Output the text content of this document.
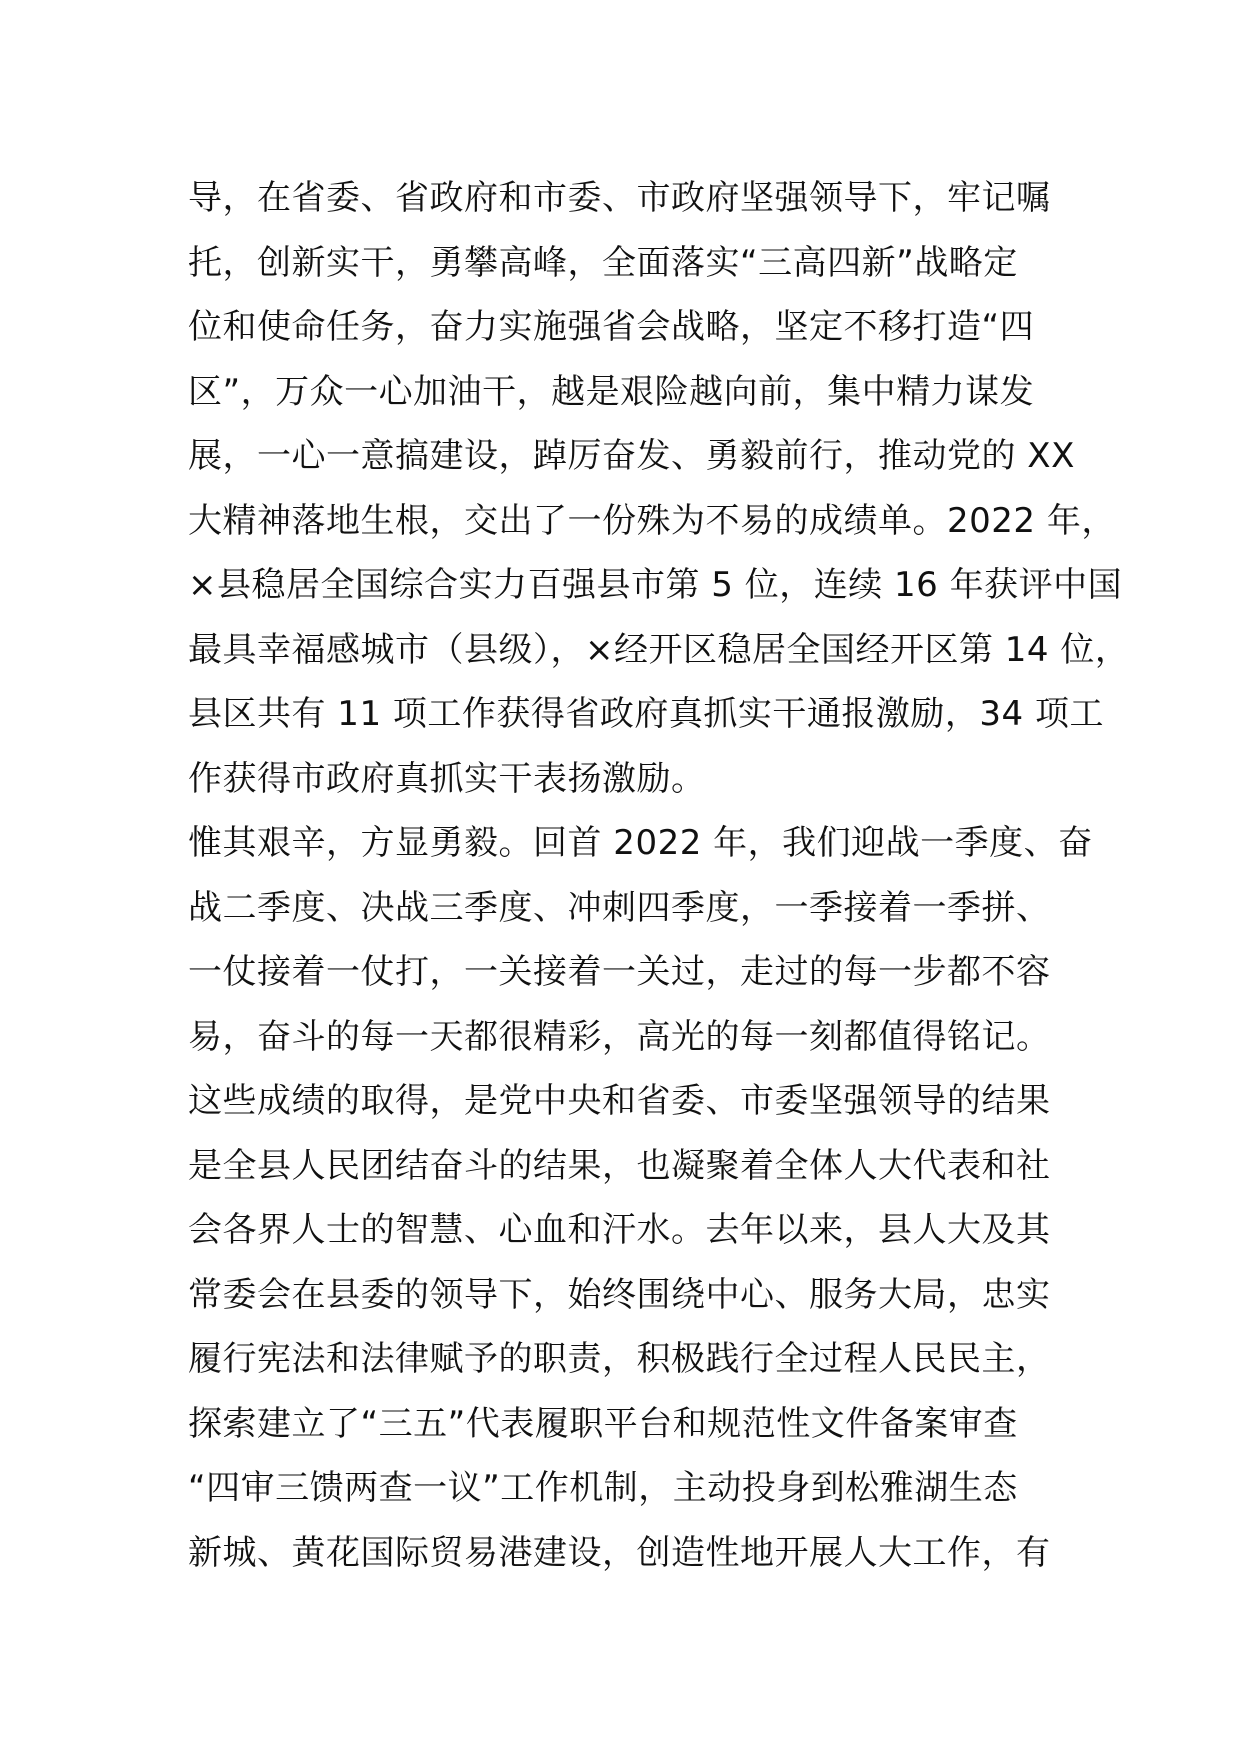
导，在省委、省政府和市委、市政府坚强领导下，牢记嘱
托，创新实干，勇攀高峰，全面落实“三高四新”战略定
位和使命任务，奋力实施强省会战略，坚定不移打造“四
区”，万众一心加油干，越是艰险越向前，集中精力谋发
展，一心一意搞建设，踔厉奋发、勇毅前行，推动党的 XX
大精神落地生根，交出了一份殊为不易的成绩单。2022 年，
×县稳居全国综合实力百强县市第 5 位，连续 16 年获评中国
最具幸福感城市（县级），×经开区稳居全国经开区第 14 位，
县区共有 11 项工作获得省政府真抓实干通报激励，34 项工
作获得市政府真抓实干表扬激励。
惟其艰辛，方显勇毅。回首 2022 年，我们迎战一季度、奋
战二季度、决战三季度、冲刺四季度，一季接着一季拼、
一仗接着一仗打，一关接着一关过，走过的每一步都不容
易，奋斗的每一天都很精彩，高光的每一刻都值得铭记。
这些成绩的取得，是党中央和省委、市委坚强领导的结果
是全县人民团结奋斗的结果，也凝聚着全体人大代表和社
会各界人士的智慧、心血和汗水。去年以来，县人大及其
常委会在县委的领导下，始终围绕中心、服务大局，忠实
履行宪法和法律赋予的职责，积极践行全过程人民民主，
探索建立了“三五”代表履职平台和规范性文件备案审查
“四审三馈两查一议”工作机制，主动投身到松雅湖生态
新城、黄花国际贸易港建设，创造性地开展人大工作，有
